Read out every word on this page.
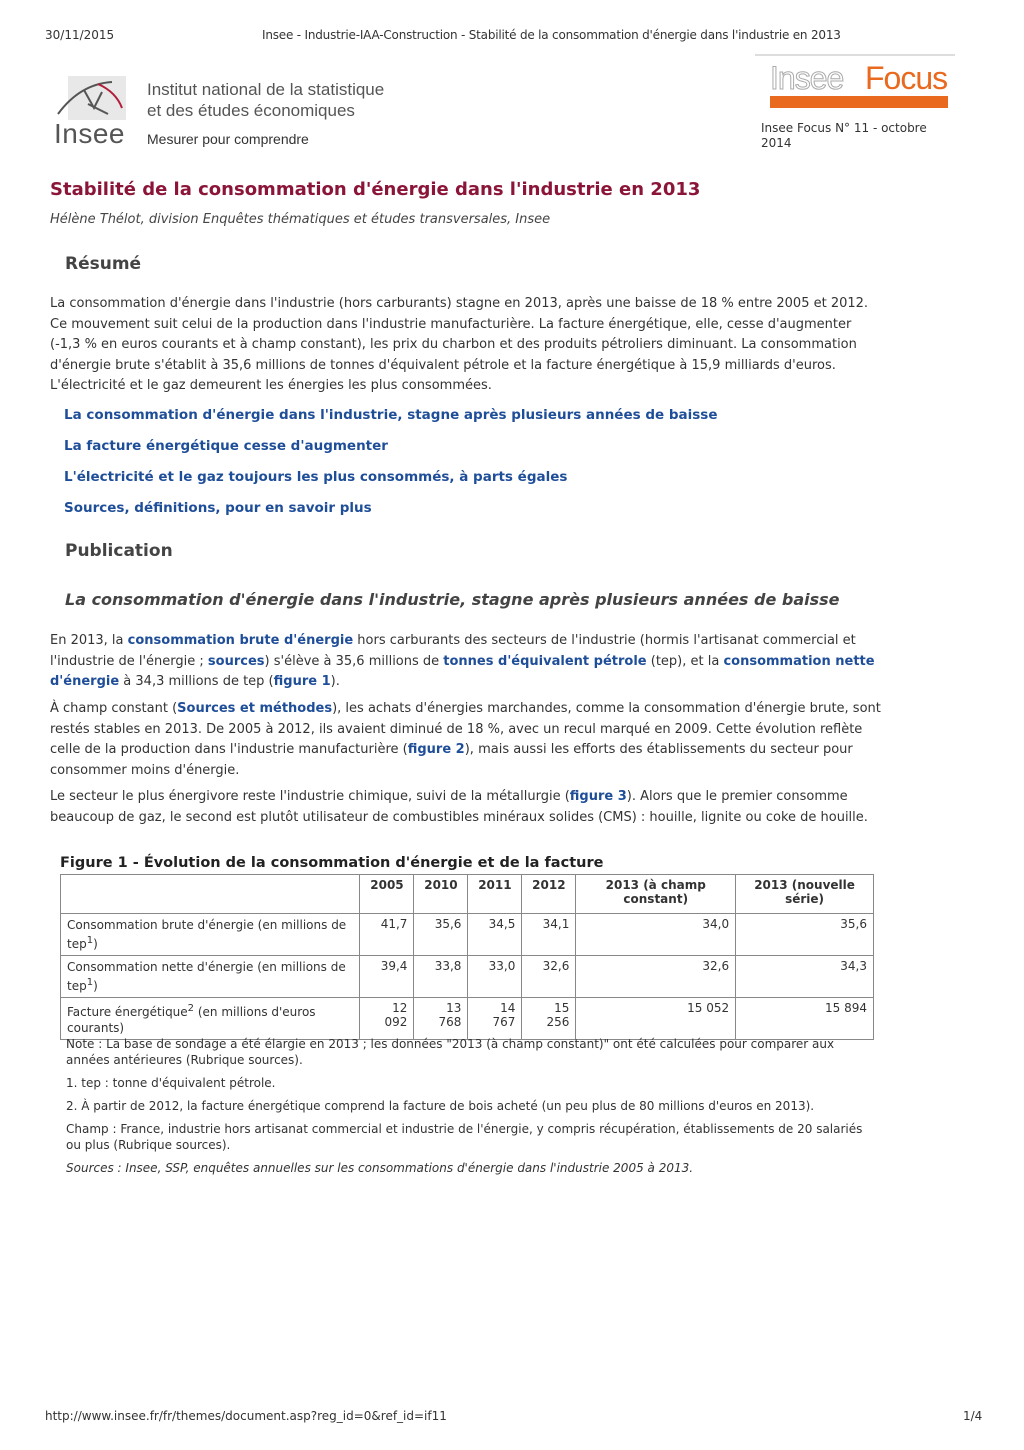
30/11/2015	Insee - Industrie-IAA-Construction - Stabilité de la consommation d'énergie dans l'industrie en 2013
Insee
Institut national de la statistique
et des études économiques
Mesurer pour comprendre
Insee Focus
Insee Focus N° 11 - octobre 2014
Stabilité de la consommation d'énergie dans l'industrie en 2013
Hélène Thélot, division Enquêtes thématiques et études transversales, Insee
Résumé
La consommation d'énergie dans l'industrie (hors carburants) stagne en 2013, après une baisse de 18 % entre 2005 et 2012. Ce mouvement suit celui de la production dans l'industrie manufacturière. La facture énergétique, elle, cesse d'augmenter (-1,3 % en euros courants et à champ constant), les prix du charbon et des produits pétroliers diminuant. La consommation d'énergie brute s'établit à 35,6 millions de tonnes d'équivalent pétrole et la facture énergétique à 15,9 milliards d'euros. L'électricité et le gaz demeurent les énergies les plus consommées.
La consommation d'énergie dans l'industrie, stagne après plusieurs années de baisse
La facture énergétique cesse d'augmenter
L'électricité et le gaz toujours les plus consommés, à parts égales
Sources, définitions, pour en savoir plus
Publication
La consommation d'énergie dans l'industrie, stagne après plusieurs années de baisse
En 2013, la consommation brute d'énergie hors carburants des secteurs de l'industrie (hormis l'artisanat commercial et l'industrie de l'énergie ; sources) s'élève à 35,6 millions de tonnes d'équivalent pétrole (tep), et la consommation nette d'énergie à 34,3 millions de tep (figure 1).
À champ constant (Sources et méthodes), les achats d'énergies marchandes, comme la consommation d'énergie brute, sont restés stables en 2013. De 2005 à 2012, ils avaient diminué de 18 %, avec un recul marqué en 2009. Cette évolution reflète celle de la production dans l'industrie manufacturière (figure 2), mais aussi les efforts des établissements du secteur pour consommer moins d'énergie.
Le secteur le plus énergivore reste l'industrie chimique, suivi de la métallurgie (figure 3). Alors que le premier consomme beaucoup de gaz, le second est plutôt utilisateur de combustibles minéraux solides (CMS) : houille, lignite ou coke de houille.
Figure 1 - Évolution de la consommation d'énergie et de la facture
	2005	2010	2011	2012	2013 (à champ constant)	2013 (nouvelle série)
Consommation brute d'énergie (en millions de tep$^1$)	41,7	35,6	34,5	34,1	34,0	35,6
Consommation nette d'énergie (en millions de tep$^1$)	39,4	33,8	33,0	32,6	32,6	34,3
Facture énergétique$^2$ (en millions d'euros courants)	12 092	13 768	14 767	15 256	15 052	15 894
Note : La base de sondage a été élargie en 2013 ; les données "2013 (à champ constant)" ont été calculées pour comparer aux années antérieures (Rubrique sources).
1. tep : tonne d'équivalent pétrole.
2. À partir de 2012, la facture énergétique comprend la facture de bois acheté (un peu plus de 80 millions d'euros en 2013).
Champ : France, industrie hors artisanat commercial et industrie de l'énergie, y compris récupération, établissements de 20 salariés ou plus (Rubrique sources).
Sources : Insee, SSP, enquêtes annuelles sur les consommations d'énergie dans l'industrie 2005 à 2013.
http://www.insee.fr/fr/themes/document.asp?reg_id=0&ref_id=if11	1/4
